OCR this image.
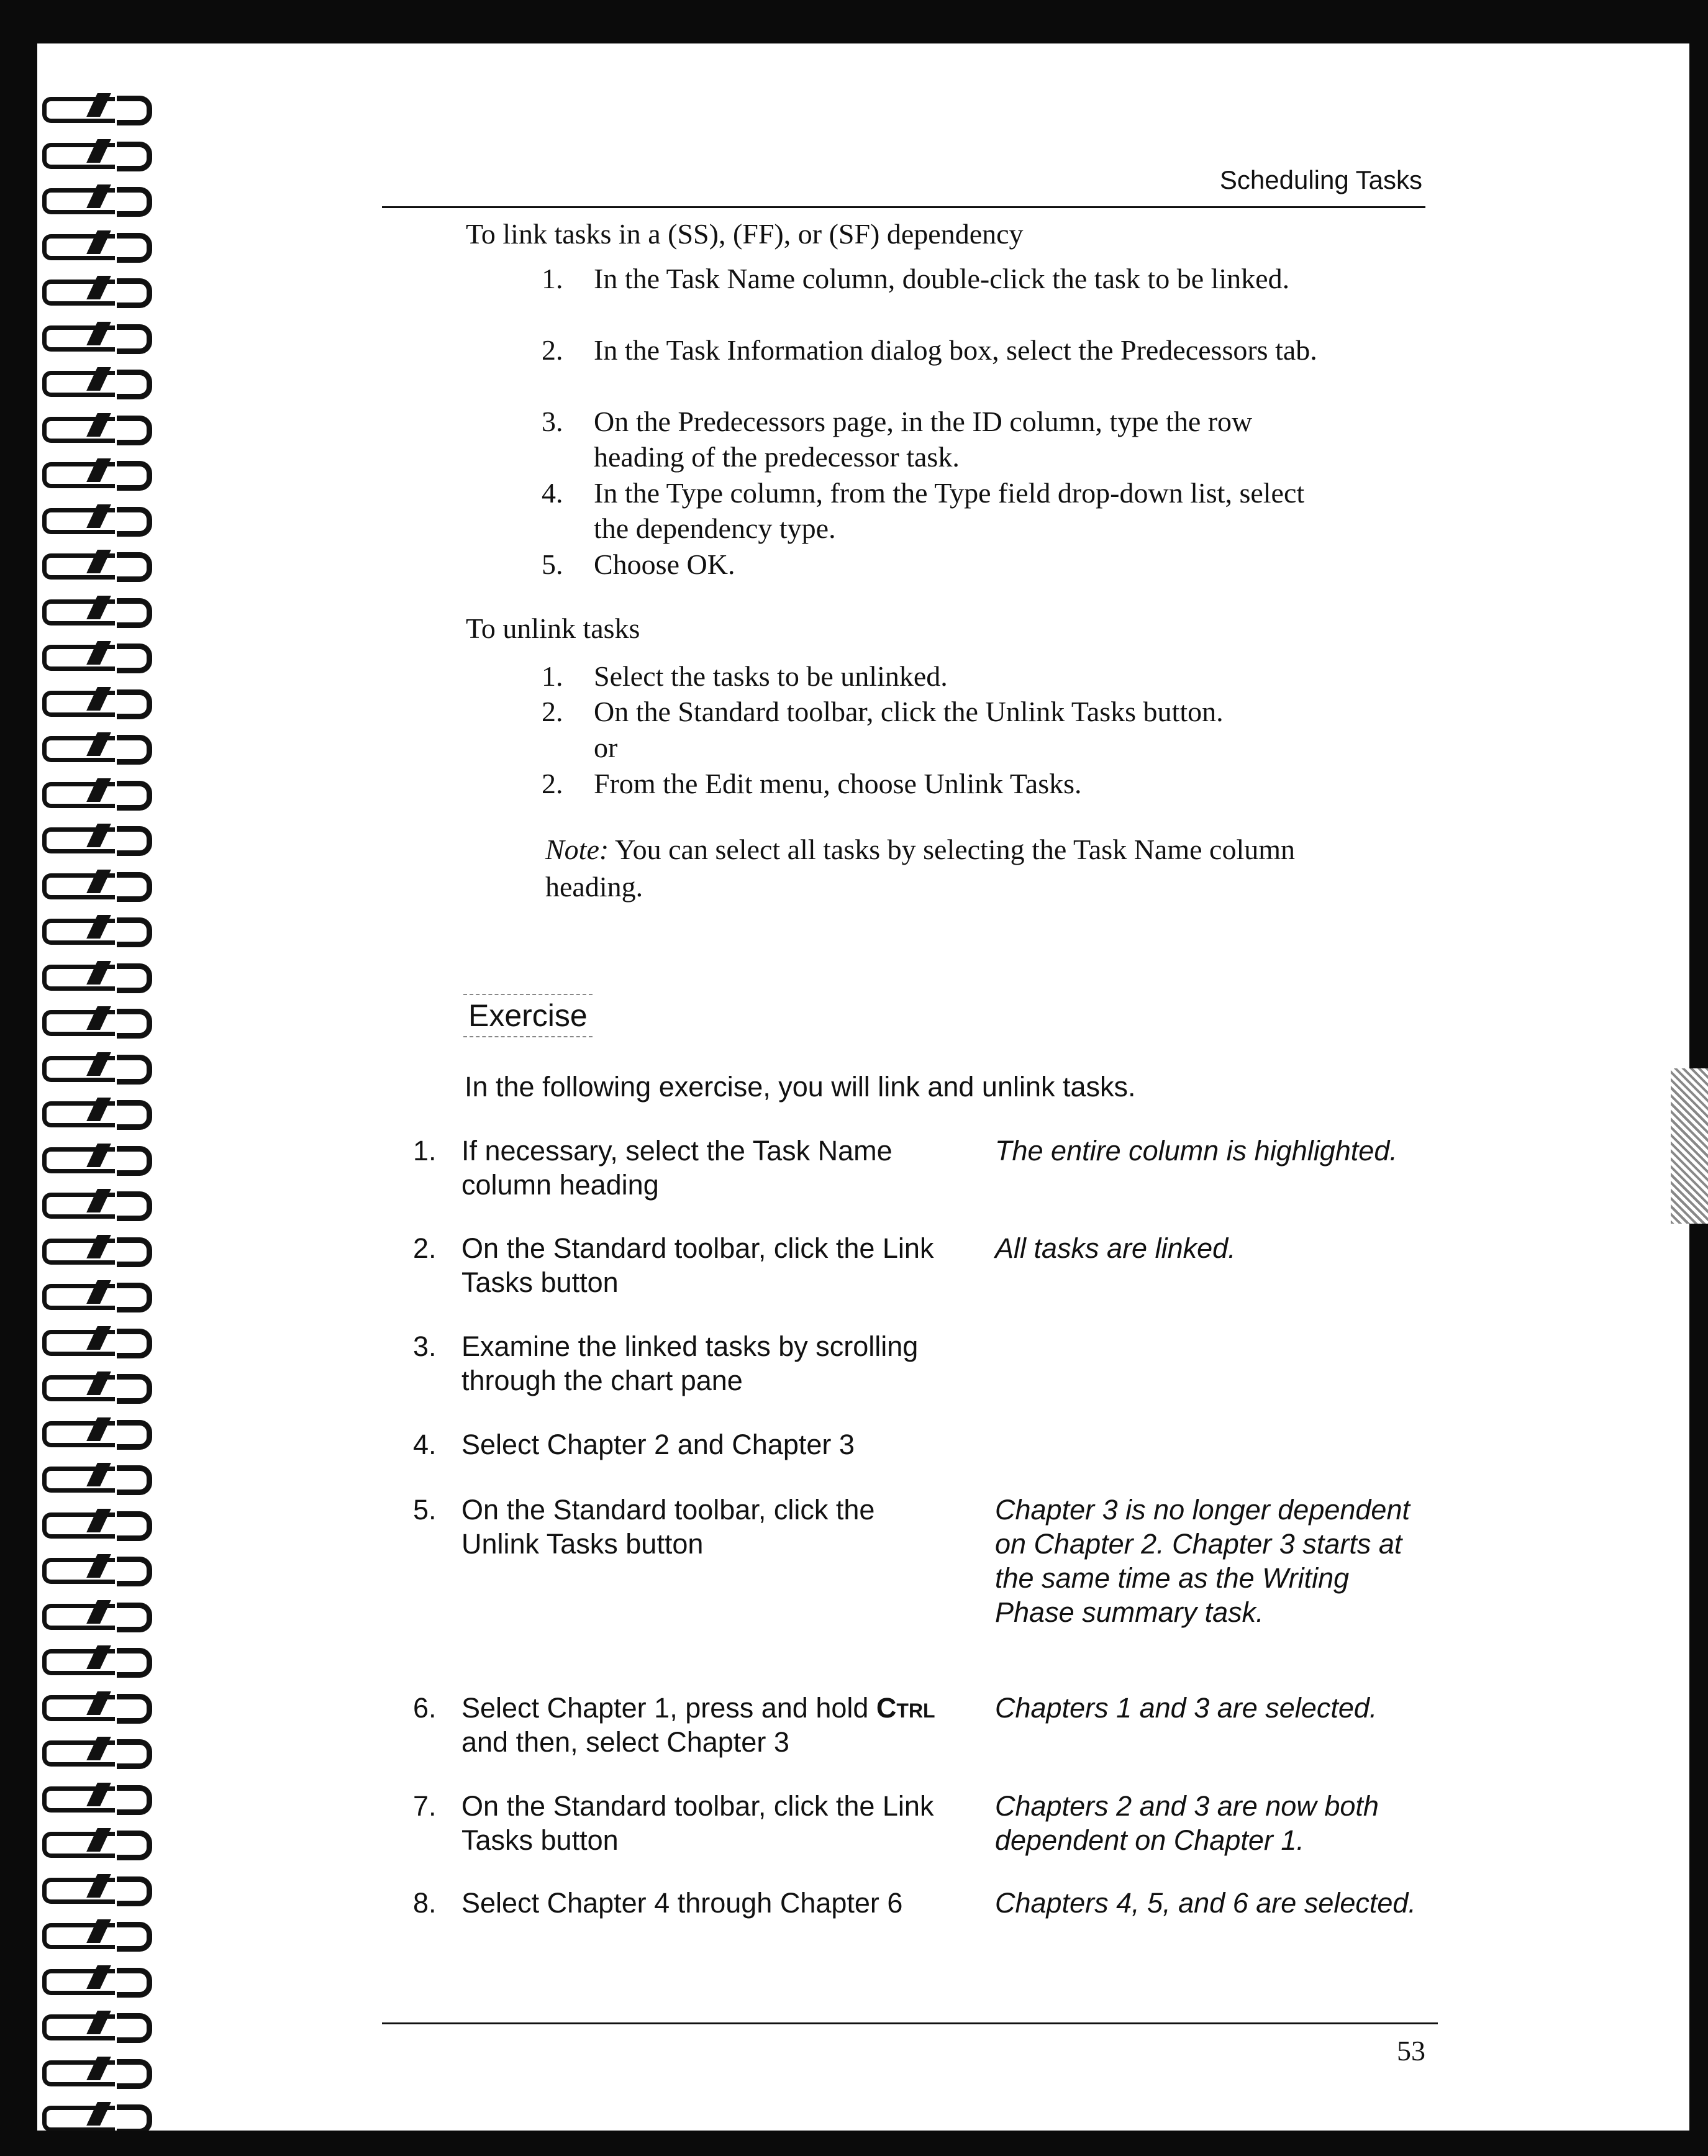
Scheduling Tasks
To link tasks in a (SS), (FF), or (SF) dependency
1. In the Task Name column, double-click the task to be linked.
2. In the Task Information dialog box, select the Predecessors tab.
3. On the Predecessors page, in the ID column, type the row heading of the predecessor task.
4. In the Type column, from the Type field drop-down list, select the dependency type.
5. Choose OK.
To unlink tasks
1. Select the tasks to be unlinked.
2. On the Standard toolbar, click the Unlink Tasks button.
or
2. From the Edit menu, choose Unlink Tasks.
Note: You can select all tasks by selecting the Task Name column heading.
Exercise
In the following exercise, you will link and unlink tasks.
1. If necessary, select the Task Name column heading
The entire column is highlighted.
2. On the Standard toolbar, click the Link Tasks button
All tasks are linked.
3. Examine the linked tasks by scrolling through the chart pane
4. Select Chapter 2 and Chapter 3
5. On the Standard toolbar, click the Unlink Tasks button
Chapter 3 is no longer dependent on Chapter 2. Chapter 3 starts at the same time as the Writing Phase summary task.
6. Select Chapter 1, press and hold Ctrl and then, select Chapter 3
Chapters 1 and 3 are selected.
7. On the Standard toolbar, click the Link Tasks button
Chapters 2 and 3 are now both dependent on Chapter 1.
8. Select Chapter 4 through Chapter 6	Chapters 4, 5, and 6 are selected.
53
